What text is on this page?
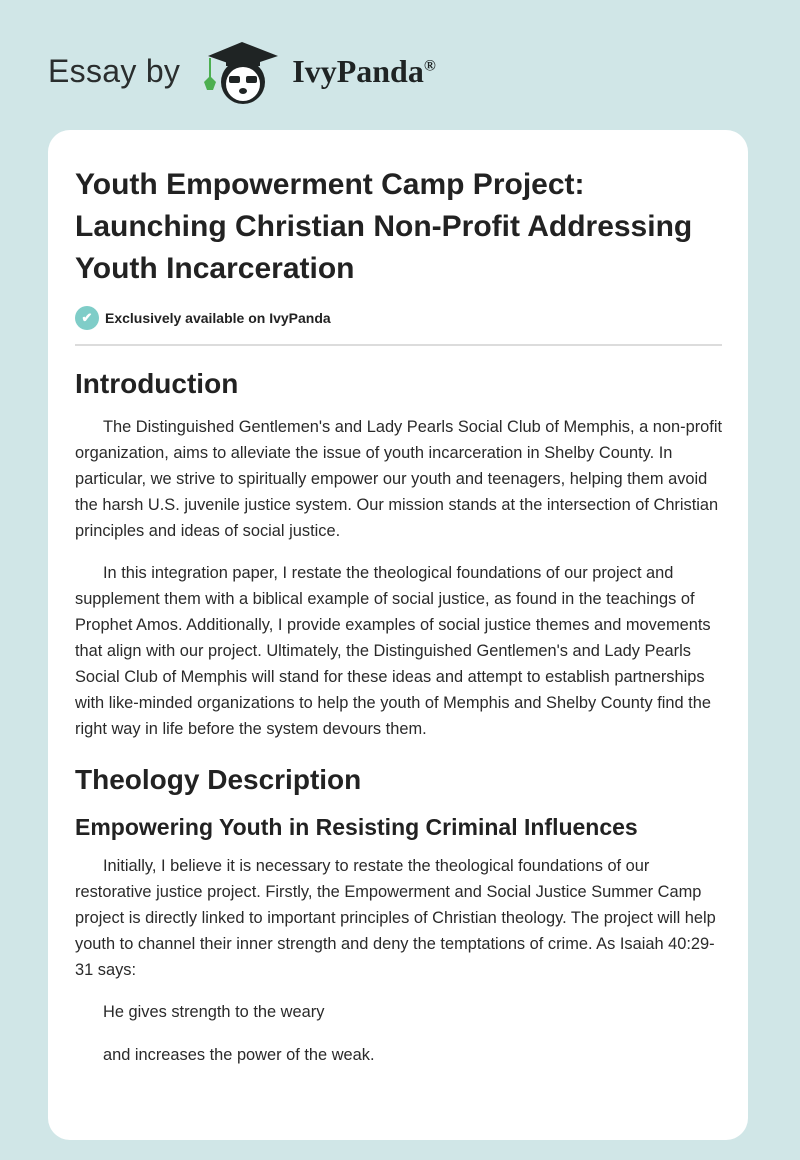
Essay by	IvyPanda®
Youth Empowerment Camp Project: Launching Christian Non-Profit Addressing Youth Incarceration
✔ Exclusively available on IvyPanda
Introduction

The Distinguished Gentlemen's and Lady Pearls Social Club of Memphis, a non-profit organization, aims to alleviate the issue of youth incarceration in Shelby County. In particular, we strive to spiritually empower our youth and teenagers, helping them avoid the harsh U.S. juvenile justice system. Our mission stands at the intersection of Christian principles and ideas of social justice.

In this integration paper, I restate the theological foundations of our project and supplement them with a biblical example of social justice, as found in the teachings of Prophet Amos. Additionally, I provide examples of social justice themes and movements that align with our project. Ultimately, the Distinguished Gentlemen's and Lady Pearls Social Club of Memphis will stand for these ideas and attempt to establish partnerships with like-minded organizations to help the youth of Memphis and Shelby County find the right way in life before the system devours them.

Theology Description
Empowering Youth in Resisting Criminal Influences

Initially, I believe it is necessary to restate the theological foundations of our restorative justice project. Firstly, the Empowerment and Social Justice Summer Camp project is directly linked to important principles of Christian theology. The project will help youth to channel their inner strength and deny the temptations of crime. As Isaiah 40:29-31 says:

He gives strength to the weary

and increases the power of the weak.
